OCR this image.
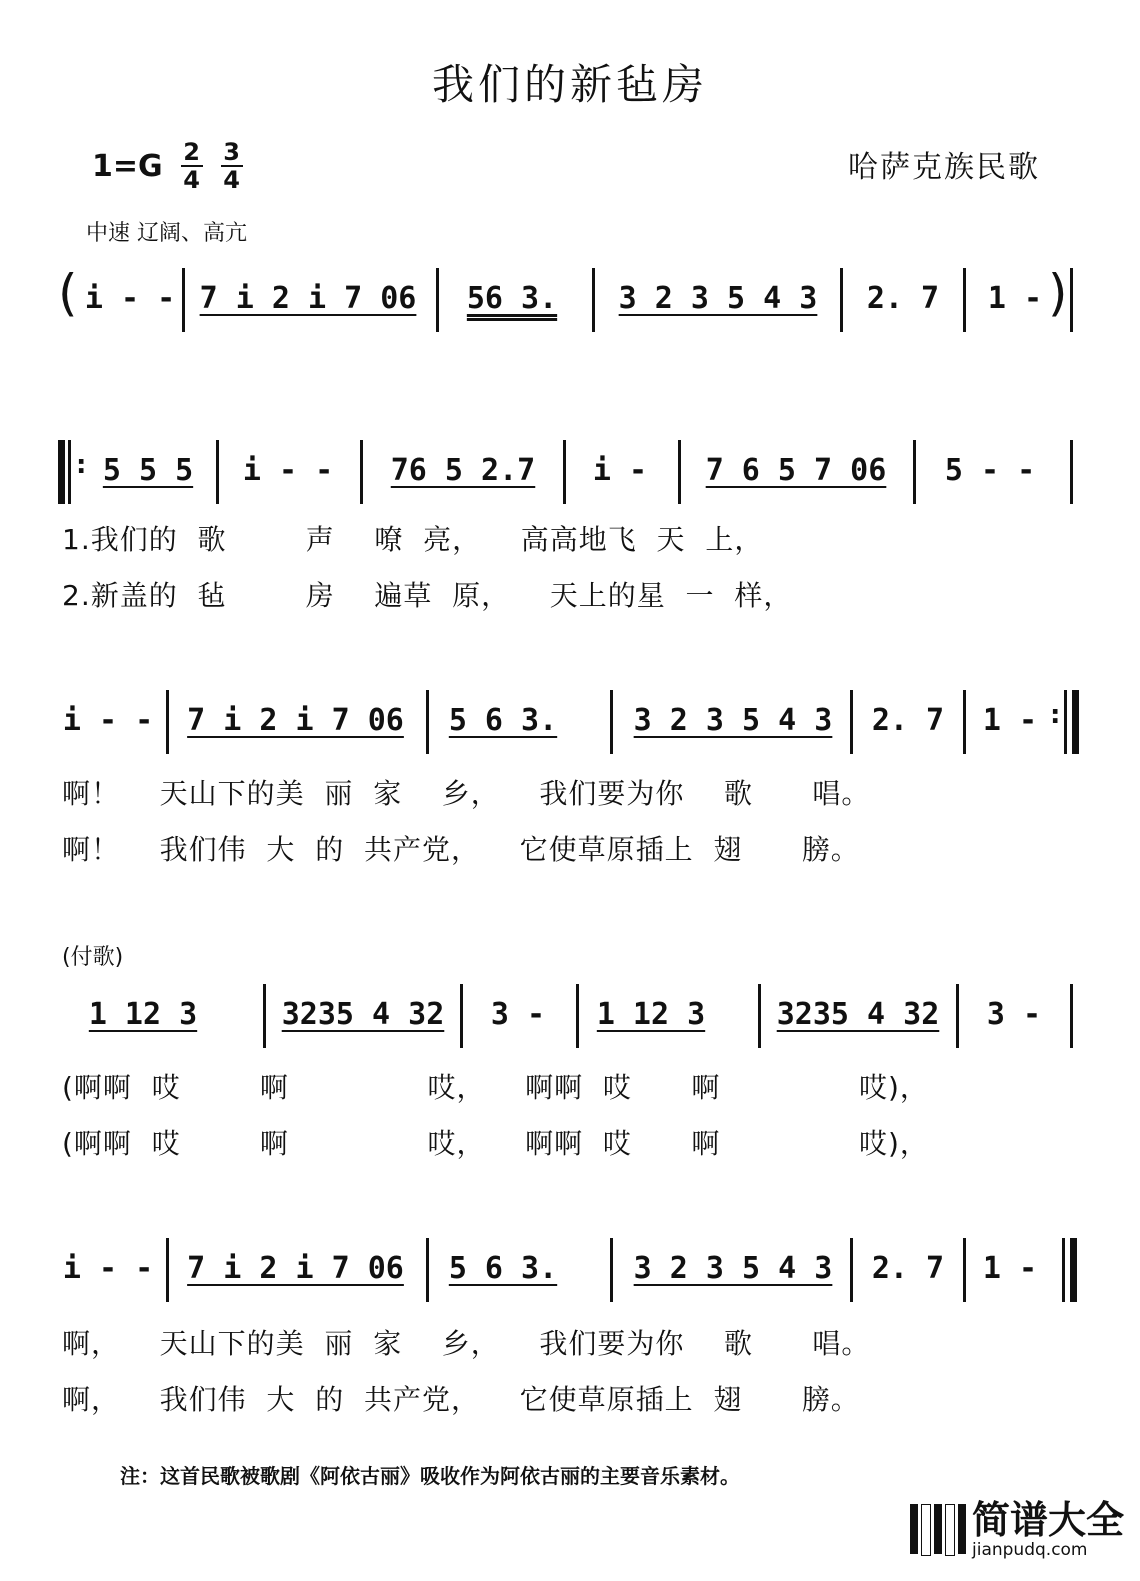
我们的新毡房
$1=G \frac{2}{4} \frac{3}{4}$	哈萨克族民歌
中速 辽阔、高亢
( i - - 7 i 2 i 7 06	56 3.	3 2 3 5 4 3	2. 7	1 - )
: 5 5 5	i - -	76 5 2.7	i -	7 6 5 7 06	5 - -
1.我们的  歌        声    嘹  亮，    高高地飞  天  上，
2.新盖的  毡        房    遍草  原，    天上的星  一  样，
i - -	7 i 2 i 7 06	5 6 3.	3 2 3 5 4 3	2. 7	1 - :
啊！    天山下的美  丽  家    乡，    我们要为你    歌      唱。
啊！    我们伟  大  的  共产党，    它使草原插上  翅      膀。
(付歌)
1 12 3	3235 4 32	3 -	1 12 3	3235 4 32	3 -
(啊啊  哎        啊              哎，    啊啊  哎      啊              哎)，
(啊啊  哎        啊              哎，    啊啊  哎      啊              哎)，
i - -	7 i 2 i 7 06	5 6 3.	3 2 3 5 4 3	2. 7	1 -
啊，    天山下的美  丽  家    乡，    我们要为你    歌      唱。
啊，    我们伟  大  的  共产党，    它使草原插上  翅      膀。
注：这首民歌被歌剧《阿依古丽》吸收作为阿依古丽的主要音乐素材。
简谱大全
jianpudq.com
